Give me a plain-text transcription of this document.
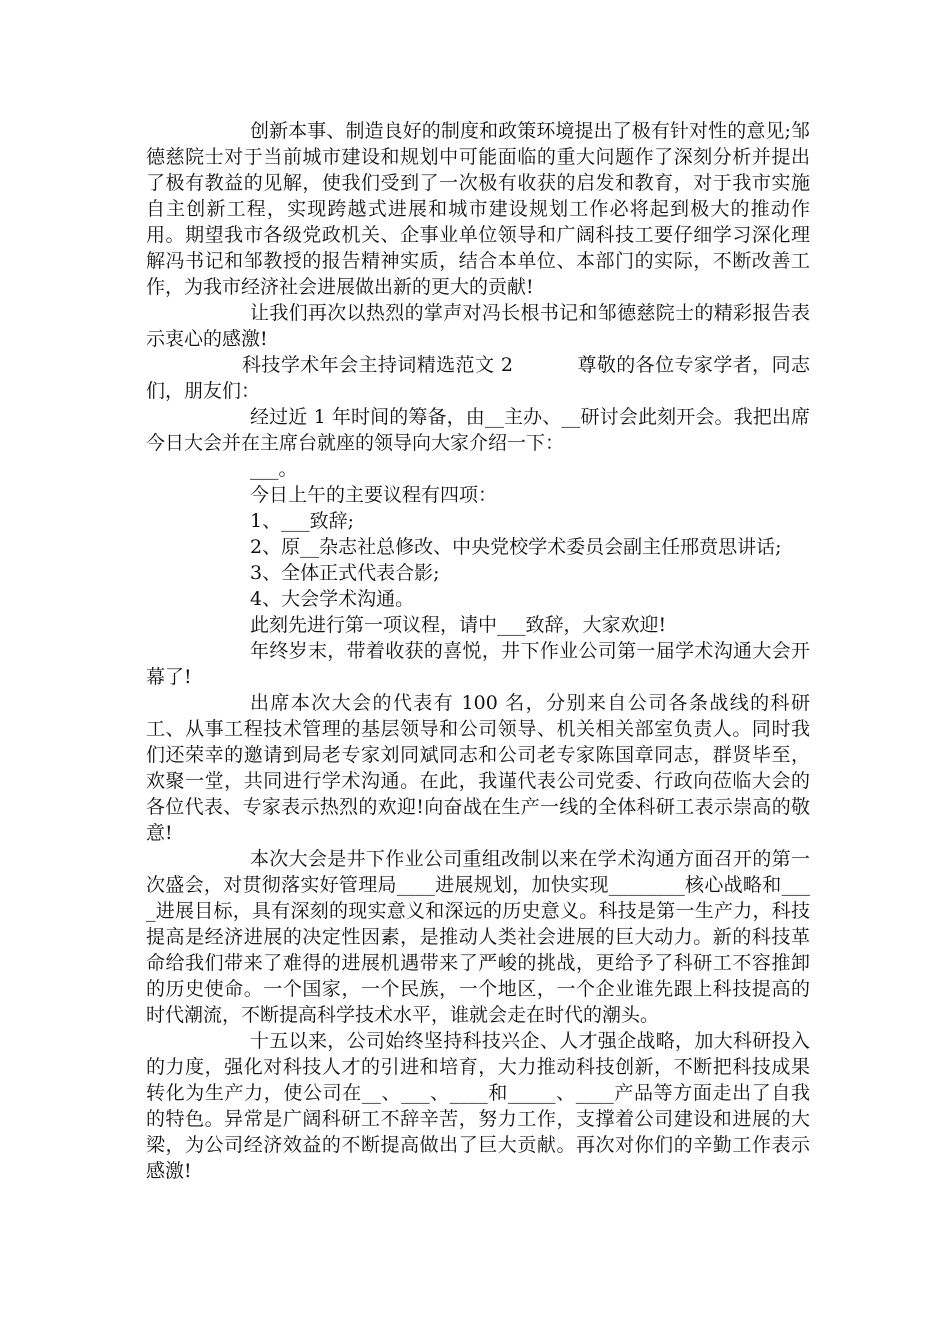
创新本事、制造良好的制度和政策环境提出了极有针对性的意见;邹德慈院士对于当前城市建设和规划中可能面临的重大问题作了深刻分析并提出了极有教益的见解，使我们受到了一次极有收获的启发和教育，对于我市实施自主创新工程，实现跨越式进展和城市建设规划工作必将起到极大的推动作用。期望我市各级党政机关、企事业单位领导和广阔科技工要仔细学习深化理解冯书记和邹教授的报告精神实质，结合本单位、本部门的实际，不断改善工作，为我市经济社会进展做出新的更大的贡献!

让我们再次以热烈的掌声对冯长根书记和邹德慈院士的精彩报告表示衷心的感激!

科技学术年会主持词精选范文 2	尊敬的各位专家学者，同志们，朋友们：

经过近 1 年时间的筹备，由__主办、__研讨会此刻开会。我把出席今日大会并在主席台就座的领导向大家介绍一下：

___。

今日上午的主要议程有四项：

1、___致辞;

2、原__杂志社总修改、中央党校学术委员会副主任邢贲思讲话;

3、全体正式代表合影;

4、大会学术沟通。

此刻先进行第一项议程，请中___致辞，大家欢迎!

年终岁末，带着收获的喜悦，井下作业公司第一届学术沟通大会开幕了!

出席本次大会的代表有 100 名，分别来自公司各条战线的科研工、从事工程技术管理的基层领导和公司领导、机关相关部室负责人。同时我们还荣幸的邀请到局老专家刘同斌同志和公司老专家陈国章同志，群贤毕至，欢聚一堂，共同进行学术沟通。在此，我谨代表公司党委、行政向莅临大会的各位代表、专家表示热烈的欢迎!向奋战在生产一线的全体科研工表示崇高的敬意!

本次大会是井下作业公司重组改制以来在学术沟通方面召开的第一次盛会，对贯彻落实好管理局____进展规划，加快实现________核心战略和____进展目标，具有深刻的现实意义和深远的历史意义。科技是第一生产力，科技提高是经济进展的决定性因素，是推动人类社会进展的巨大动力。新的科技革命给我们带来了难得的进展机遇带来了严峻的挑战，更给予了科研工不容推卸的历史使命。一个国家，一个民族，一个地区，一个企业谁先跟上科技提高的时代潮流，不断提高科学技术水平，谁就会走在时代的潮头。

十五以来，公司始终坚持科技兴企、人才强企战略，加大科研投入的力度，强化对科技人才的引进和培育，大力推动科技创新，不断把科技成果转化为生产力，使公司在__、___、____和_____、____产品等方面走出了自我的特色。异常是广阔科研工不辞辛苦，努力工作，支撑着公司建设和进展的大梁，为公司经济效益的不断提高做出了巨大贡献。再次对你们的辛勤工作表示感激!
